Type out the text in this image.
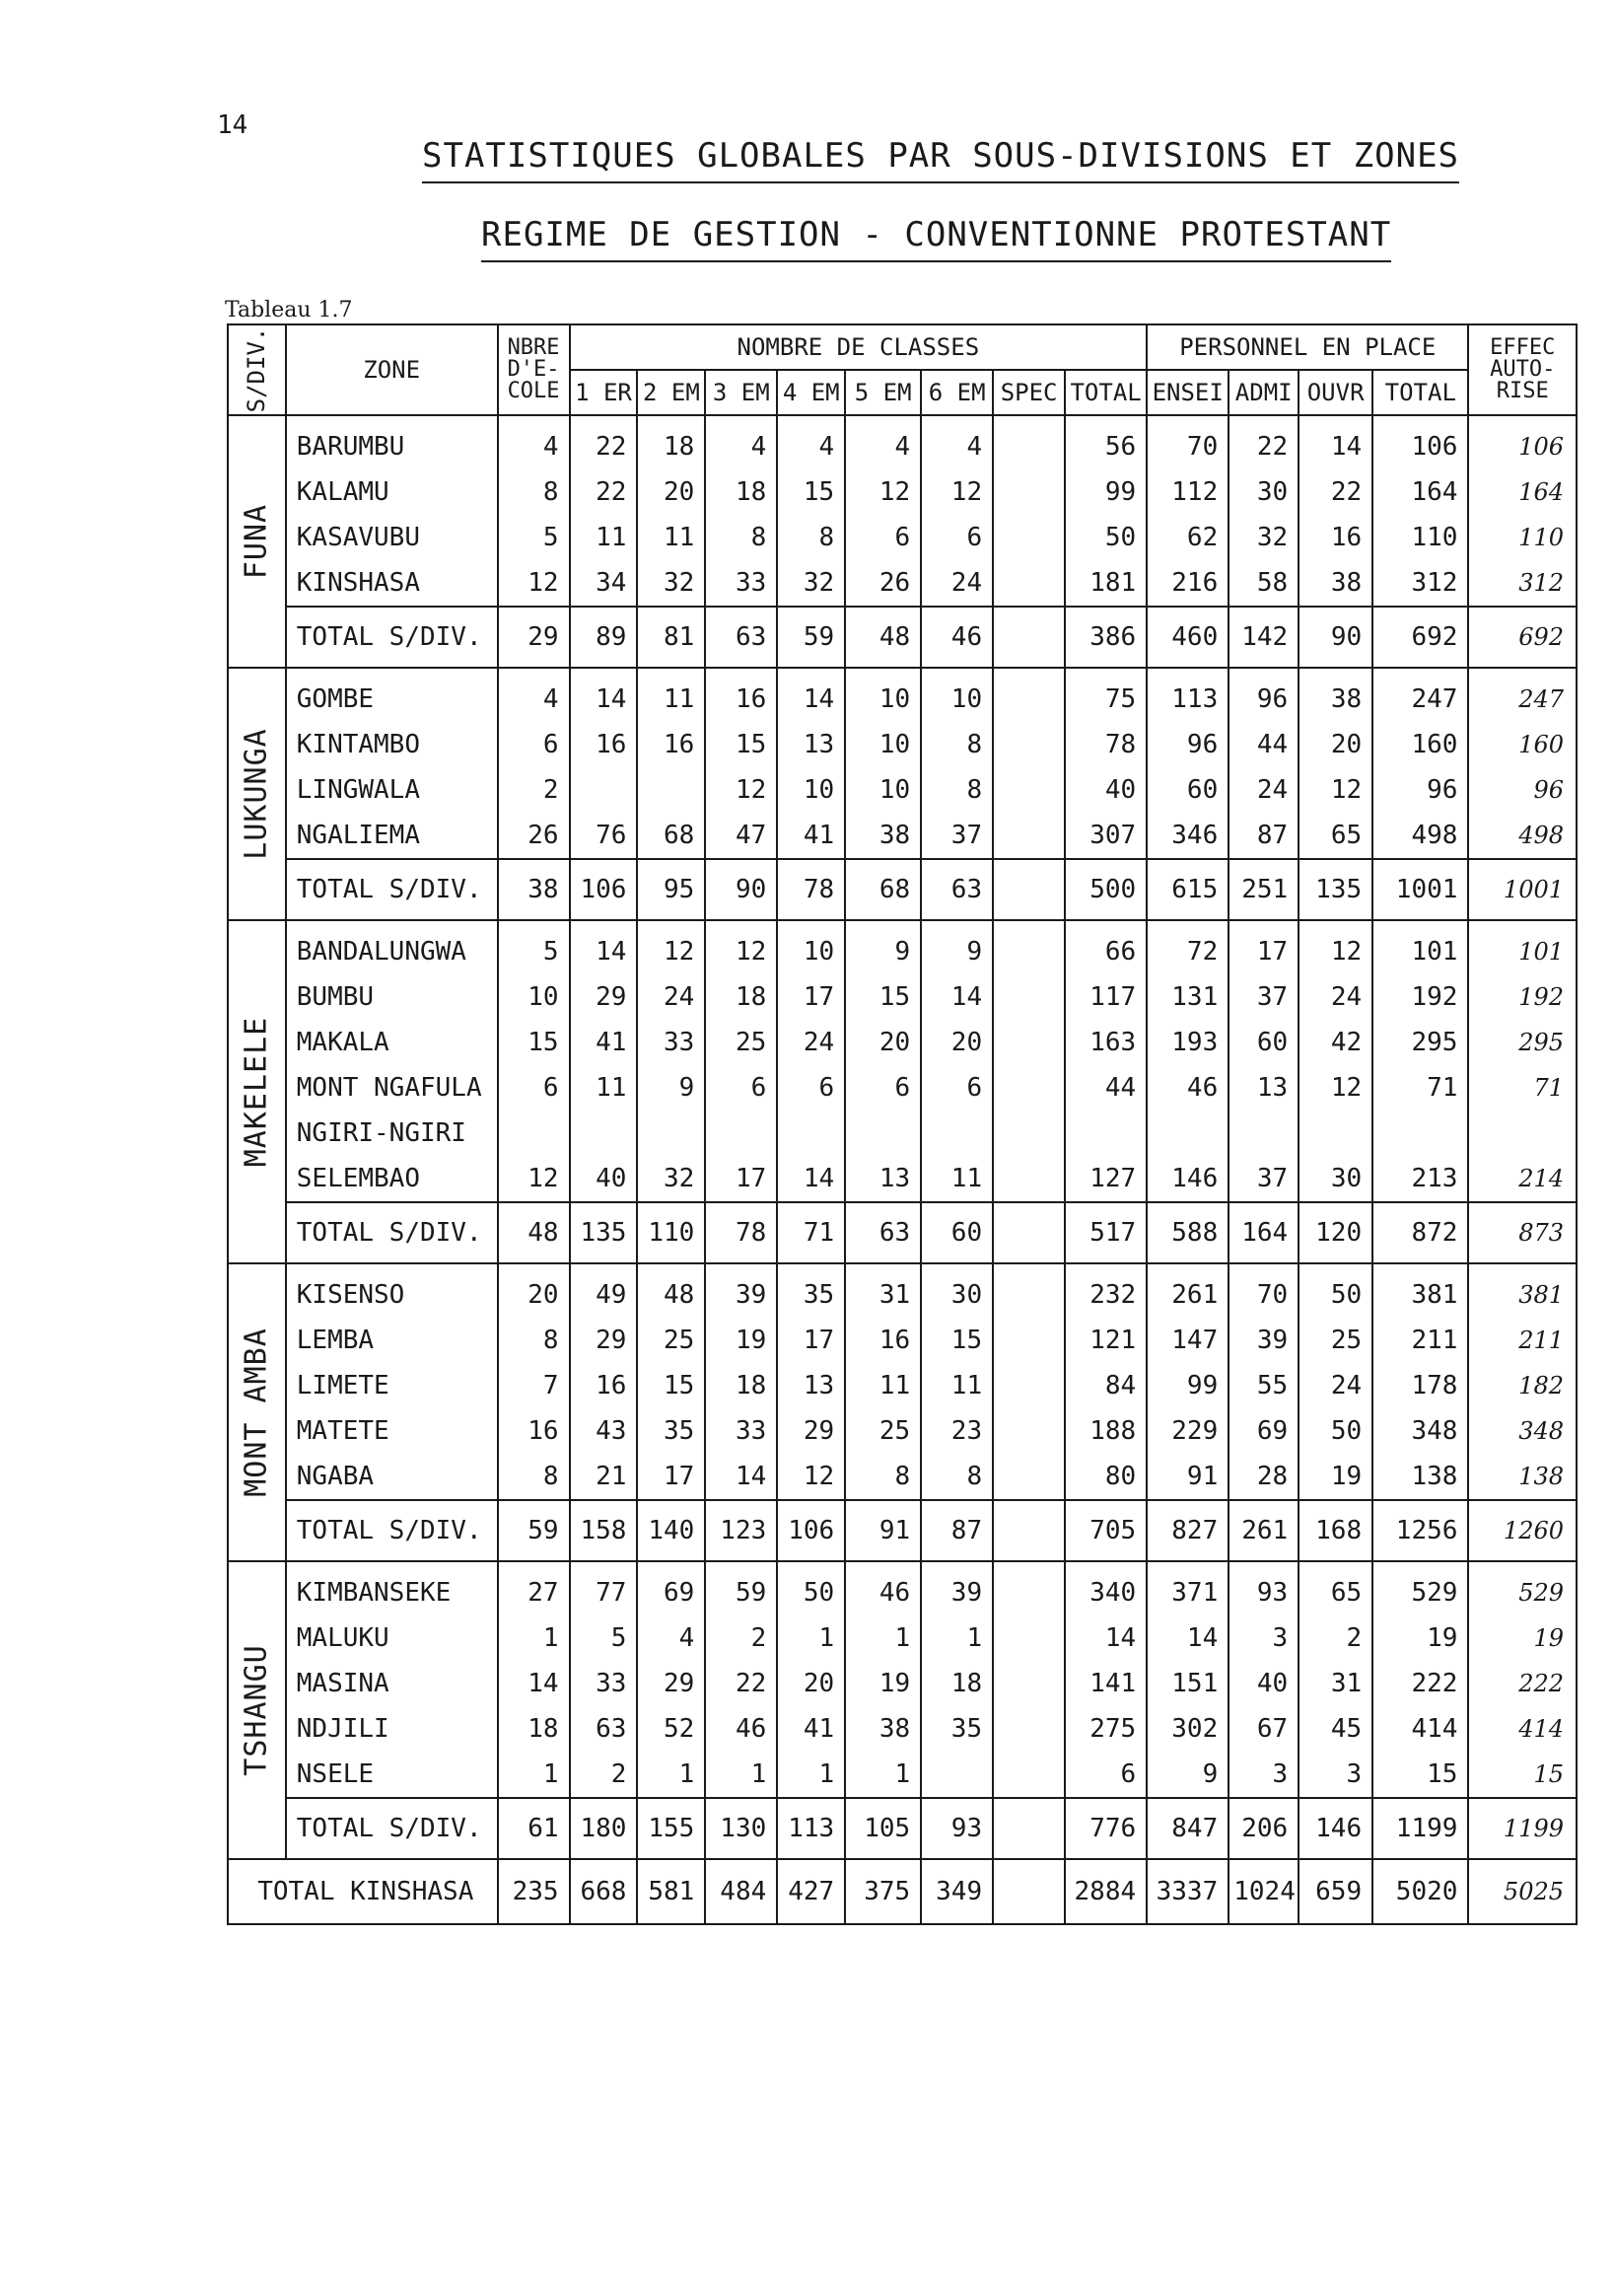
14
STATISTIQUES GLOBALES PAR SOUS-DIVISIONS ET ZONES
REGIME DE GESTION - CONVENTIONNE PROTESTANT
Tableau 1.7
S/DIV.	ZONE	NBRE
D'E-
COLE	NOMBRE DE CLASSES								PERSONNEL EN PLACE				EFFEC
AUTO-
RISE

			1 ER	2 EM	3 EM	4 EM	5 EM	6 EM	SPEC	TOTAL	ENSEI	ADMI	OUVR	TOTAL	

FUNA	BARUMBU	4	22	18	4	4	4	4		56	70	22	14	106	106
	KALAMU	8	22	20	18	15	12	12		99	112	30	22	164	164
	KASAVUBU	5	11	11	8	8	6	6		50	62	32	16	110	110
	KINSHASA	12	34	32	33	32	26	24		181	216	58	38	312	312
	TOTAL S/DIV.	29	89	81	63	59	48	46		386	460	142	90	692	692

LUKUNGA	GOMBE	4	14	11	16	14	10	10		75	113	96	38	247	247
	KINTAMBO	6	16	16	15	13	10	8		78	96	44	20	160	160
	LINGWALA	2			12	10	10	8		40	60	24	12	96	96
	NGALIEMA	26	76	68	47	41	38	37		307	346	87	65	498	498
	TOTAL S/DIV.	38	106	95	90	78	68	63		500	615	251	135	1001	1001

MAKELELE	BANDALUNGWA	5	14	12	12	10	9	9		66	72	17	12	101	101
	BUMBU	10	29	24	18	17	15	14		117	131	37	24	192	192
	MAKALA	15	41	33	25	24	20	20		163	193	60	42	295	295
	MONT NGAFULA	6	11	9	6	6	6	6		44	46	13	12	71	71
	NGIRI-NGIRI														
	SELEMBAO	12	40	32	17	14	13	11		127	146	37	30	213	214
	TOTAL S/DIV.	48	135	110	78	71	63	60		517	588	164	120	872	873

MONT AMBA	KISENSO	20	49	48	39	35	31	30		232	261	70	50	381	381
	LEMBA	8	29	25	19	17	16	15		121	147	39	25	211	211
	LIMETE	7	16	15	18	13	11	11		84	99	55	24	178	182
	MATETE	16	43	35	33	29	25	23		188	229	69	50	348	348
	NGABA	8	21	17	14	12	8	8		80	91	28	19	138	138
	TOTAL S/DIV.	59	158	140	123	106	91	87		705	827	261	168	1256	1260

TSHANGU	KIMBANSEKE	27	77	69	59	50	46	39		340	371	93	65	529	529
	MALUKU	1	5	4	2	1	1	1		14	14	3	2	19	19
	MASINA	14	33	29	22	20	19	18		141	151	40	31	222	222
	NDJILI	18	63	52	46	41	38	35		275	302	67	45	414	414
	NSELE	1	2	1	1	1	1			6	9	3	3	15	15
	TOTAL S/DIV.	61	180	155	130	113	105	93		776	847	206	146	1199	1199
TOTAL KINSHASA		235	668	581	484	427	375	349		2884	3337	1024	659	5020	5025
